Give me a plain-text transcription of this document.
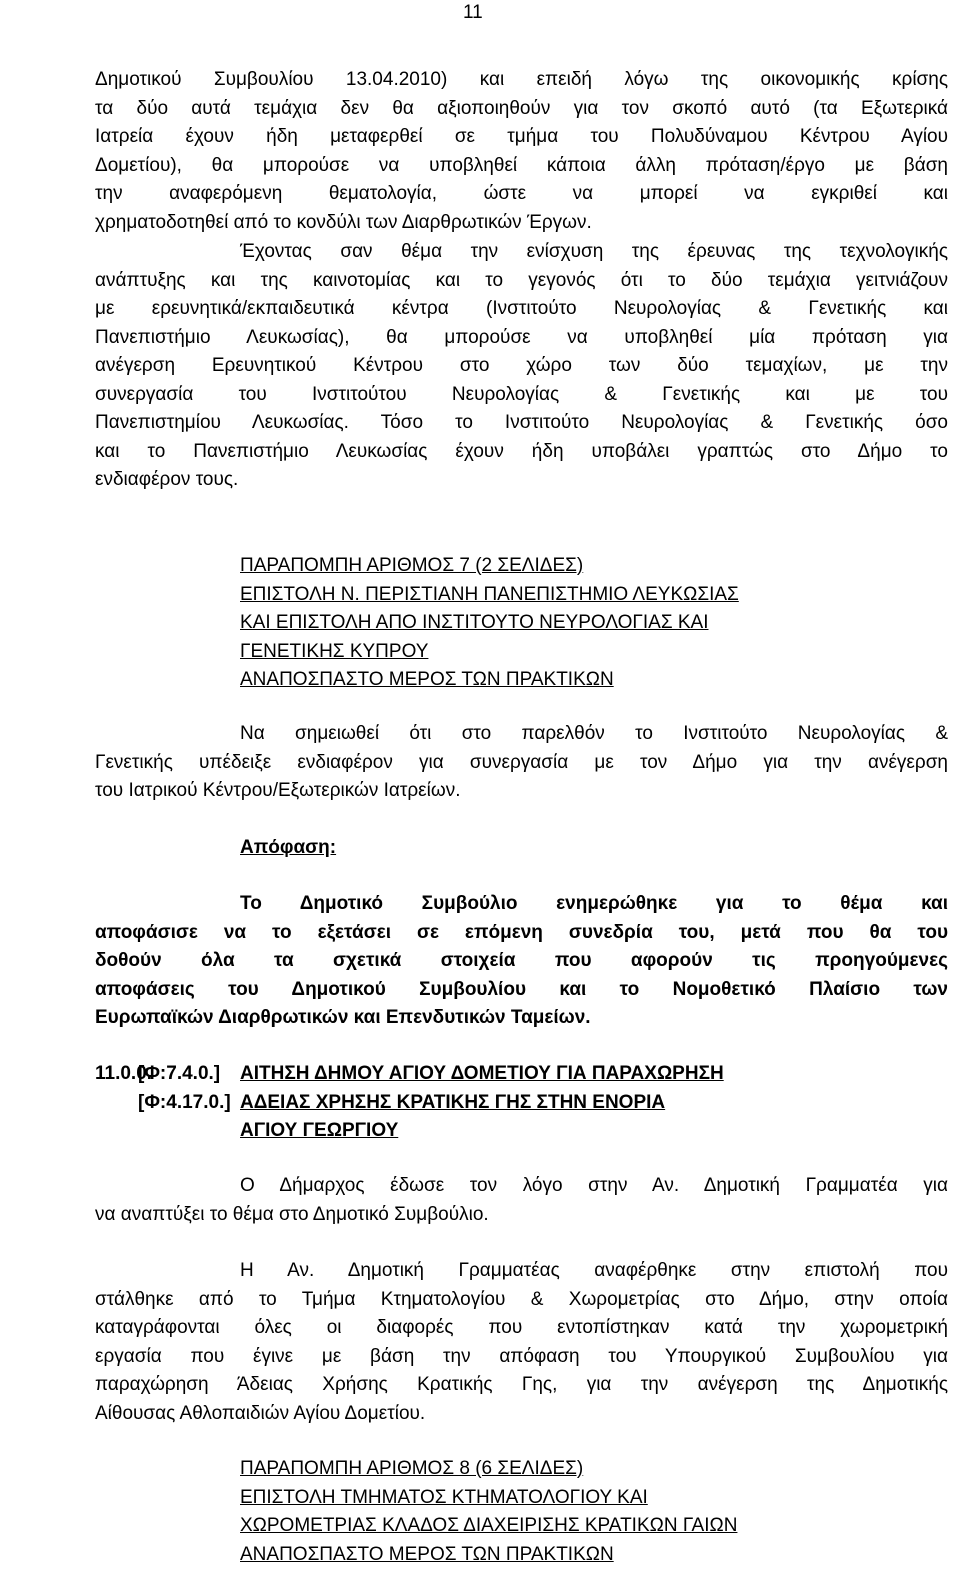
11
Δημοτικού Συμβουλίου 13.04.2010) και επειδή λόγω της οικονομικής κρίσης
τα δύο αυτά τεμάχια δεν θα αξιοποιηθούν για τον σκοπό αυτό (τα Εξωτερικά
Ιατρεία έχουν ήδη μεταφερθεί σε τμήμα του Πολυδύναμου Κέντρου Αγίου
Δομετίου), θα μπορούσε να υποβληθεί κάποια άλλη πρόταση/έργο με βάση
την αναφερόμενη θεματολογία, ώστε να μπορεί να εγκριθεί και
χρηματοδοτηθεί από το κονδύλι των Διαρθρωτικών Έργων.
Έχοντας σαν θέμα την ενίσχυση της έρευνας της τεχνολογικής
ανάπτυξης και της καινοτομίας και το γεγονός ότι το δύο τεμάχια γειτνιάζουν
με ερευνητικά/εκπαιδευτικά κέντρα (Ινστιτούτο Νευρολογίας & Γενετικής και
Πανεπιστήμιο Λευκωσίας), θα μπορούσε να υποβληθεί μία πρόταση για
ανέγερση Ερευνητικού Κέντρου στο χώρο των δύο τεμαχίων, με την
συνεργασία του Ινστιτούτου Νευρολογίας & Γενετικής και με του
Πανεπιστημίου Λευκωσίας. Τόσο το Ινστιτούτο Νευρολογίας & Γενετικής όσο
και το Πανεπιστήμιο Λευκωσίας έχουν ήδη υποβάλει γραπτώς στο Δήμο το
ενδιαφέρον τους.
ΠΑΡΑΠΟΜΠΗ ΑΡΙΘΜΟΣ 7 (2 ΣΕΛΙΔΕΣ)
ΕΠΙΣΤΟΛΗ Ν. ΠΕΡΙΣΤΙΑΝΗ ΠΑΝΕΠΙΣΤΗΜΙΟ ΛΕΥΚΩΣΙΑΣ
ΚΑΙ ΕΠΙΣΤΟΛΗ ΑΠΟ ΙΝΣΤΙΤΟΥΤΟ ΝΕΥΡΟΛΟΓΙΑΣ ΚΑΙ
ΓΕΝΕΤΙΚΗΣ ΚΥΠΡΟΥ
ΑΝΑΠΟΣΠΑΣΤΟ ΜΕΡΟΣ ΤΩΝ ΠΡΑΚΤΙΚΩΝ
Να σημειωθεί ότι στο παρελθόν το Ινστιτούτο Νευρολογίας &
Γενετικής υπέδειξε ενδιαφέρον για συνεργασία με τον Δήμο για την ανέγερση
του Ιατρικού Κέντρου/Εξωτερικών Ιατρείων.
Απόφαση:
Το Δημοτικό Συμβούλιο ενημερώθηκε για το θέμα και
αποφάσισε να το εξετάσει σε επόμενη συνεδρία του, μετά που θα του
δοθούν όλα τα σχετικά στοιχεία που αφορούν τις προηγούμενες
αποφάσεις του Δημοτικού Συμβουλίου και το Νομοθετικό Πλαίσιο των
Ευρωπαϊκών Διαρθρωτικών και Επενδυτικών Ταμείων.
11.0.0.
[Φ:7.4.0.]
[Φ:4.17.0.]
ΑΙΤΗΣΗ ΔΗΜΟΥ ΑΓΙΟΥ ΔΟΜΕΤΙΟΥ ΓΙΑ ΠΑΡΑΧΩΡΗΣΗ
ΑΔΕΙΑΣ ΧΡΗΣΗΣ ΚΡΑΤΙΚΗΣ ΓΗΣ ΣΤΗΝ ΕΝΟΡΙΑ
ΑΓΙΟΥ ΓΕΩΡΓΙΟΥ
Ο Δήμαρχος έδωσε τον λόγο στην Αν. Δημοτική Γραμματέα για
να αναπτύξει το θέμα στο Δημοτικό Συμβούλιο.
Η Αν. Δημοτική Γραμματέας αναφέρθηκε στην επιστολή που
στάλθηκε από το Τμήμα Κτηματολογίου & Χωρομετρίας στο Δήμο, στην οποία
καταγράφονται όλες οι διαφορές που εντοπίστηκαν κατά την χωρομετρική
εργασία που έγινε με βάση την απόφαση του Υπουργικού Συμβουλίου για
παραχώρηση Άδειας Χρήσης Κρατικής Γης, για την ανέγερση της Δημοτικής
Αίθουσας Αθλοπαιδιών Αγίου Δομετίου.
ΠΑΡΑΠΟΜΠΗ ΑΡΙΘΜΟΣ 8 (6 ΣΕΛΙΔΕΣ)
ΕΠΙΣΤΟΛΗ ΤΜΗΜΑΤΟΣ ΚΤΗΜΑΤΟΛΟΓΙΟΥ ΚΑΙ
ΧΩΡΟΜΕΤΡΙΑΣ ΚΛΑΔΟΣ ΔΙΑΧΕΙΡΙΣΗΣ ΚΡΑΤΙΚΩΝ ΓΑΙΩΝ
ΑΝΑΠΟΣΠΑΣΤΟ ΜΕΡΟΣ ΤΩΝ ΠΡΑΚΤΙΚΩΝ
